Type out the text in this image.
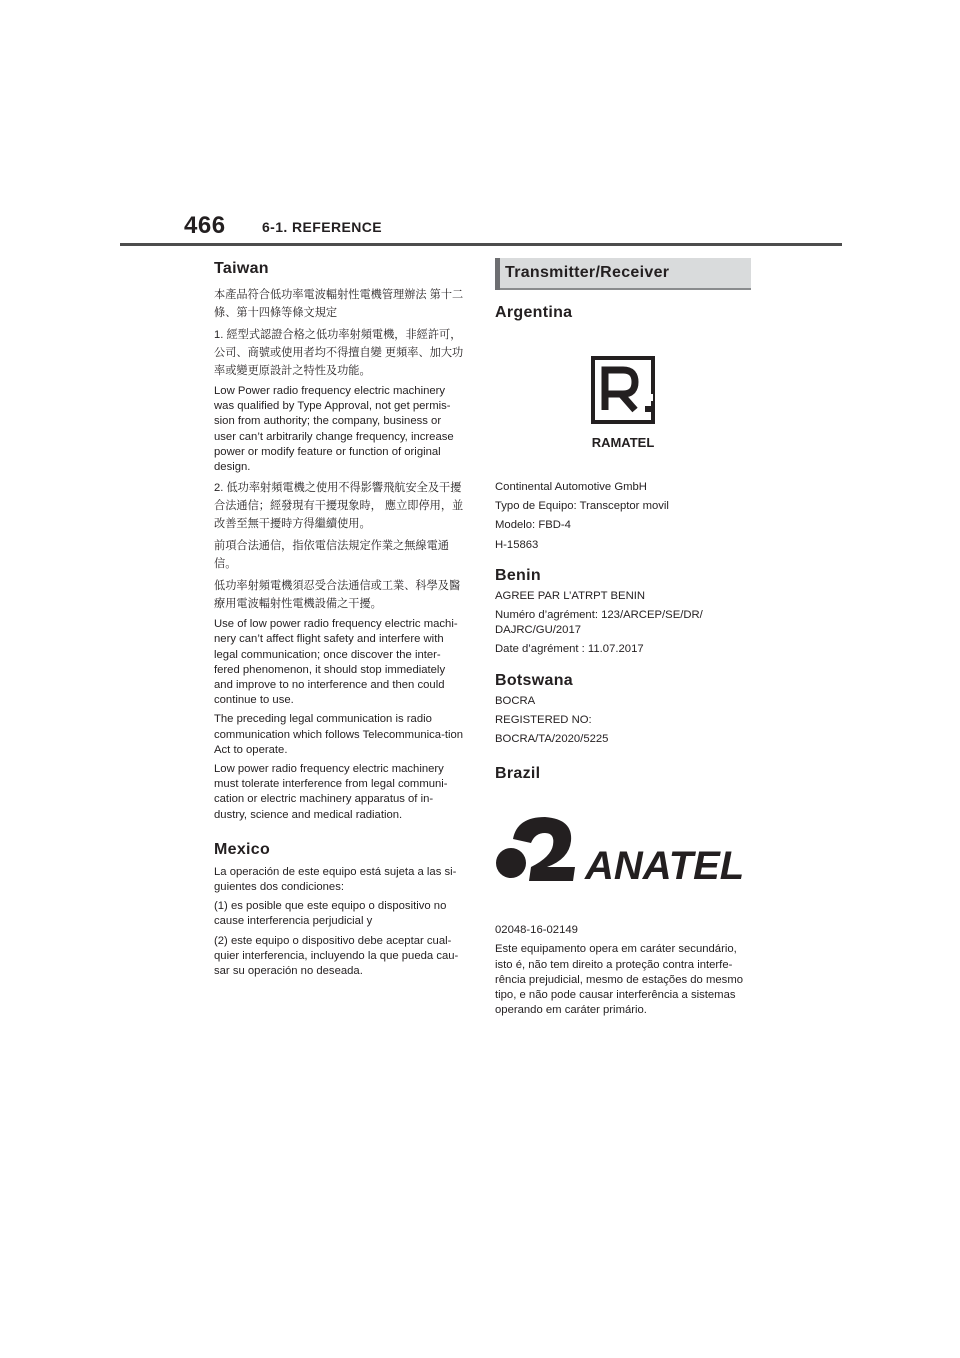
466	6-1. REFERENCE
Taiwan

本產品符合低功率電波輻射性電機管理辦法 第十二條、第十四條等條文規定

1. 經型式認證合格之低功率射頻電機，非經許可，公司、商號或使用者均不得擅自變 更頻率、加大功率或變更原設計之特性及功能。

Low Power radio frequency electric machinery was qualified by Type Approval, not get permis-sion from authority; the company, business or user can’t arbitrarily change frequency, increase power or modify feature or function of original design.

2. 低功率射頻電機之使用不得影響飛航安全及干擾合法通信；經發現有干擾現象時， 應立即停用，並改善至無干擾時方得繼續使用。

前項合法通信，指依電信法規定作業之無線電通信。

低功率射頻電機須忍受合法通信或工業、科學及醫療用電波輻射性電機設備之干擾。

Use of low power radio frequency electric machi-nery can’t affect flight safety and interfere with legal communication; once discover the inter-fered phenomenon, it should stop immediately and improve to no interference and then could continue to use.

The preceding legal communication is radio communication which follows Telecommunica-tion Act to operate.

Low power radio frequency electric machinery must tolerate interference from legal communi-cation or electric machinery apparatus of in-dustry, science and medical radiation.

Mexico

La operación de este equipo está sujeta a las si-guientes dos condiciones:

(1) es posible que este equipo o dispositivo no cause interferencia perjudicial y

(2) este equipo o dispositivo debe aceptar cual-quier interferencia, incluyendo la que pueda cau-sar su operación no deseada.

Transmitter/Receiver
Argentina
RAMATEL

Continental Automotive GmbH

Typo de Equipo: Transceptor movil

Modelo: FBD-4

H-15863

Benin

AGREE PAR L’ATRPT BENIN

Numéro d’agrément: 123/ARCEP/SE/DR/ DAJRC/GU/2017

Date d’agrément : 11.07.2017

Botswana

BOCRA

REGISTERED NO:

BOCRA/TA/2020/5225

Brazil
ANATEL

02048-16-02149

Este equipamento opera em caráter secundário, isto é, não tem direito a proteção contra interfe-rência prejudicial, mesmo de estações do mesmo tipo, e não pode causar interferência a sistemas operando em caráter primário.
